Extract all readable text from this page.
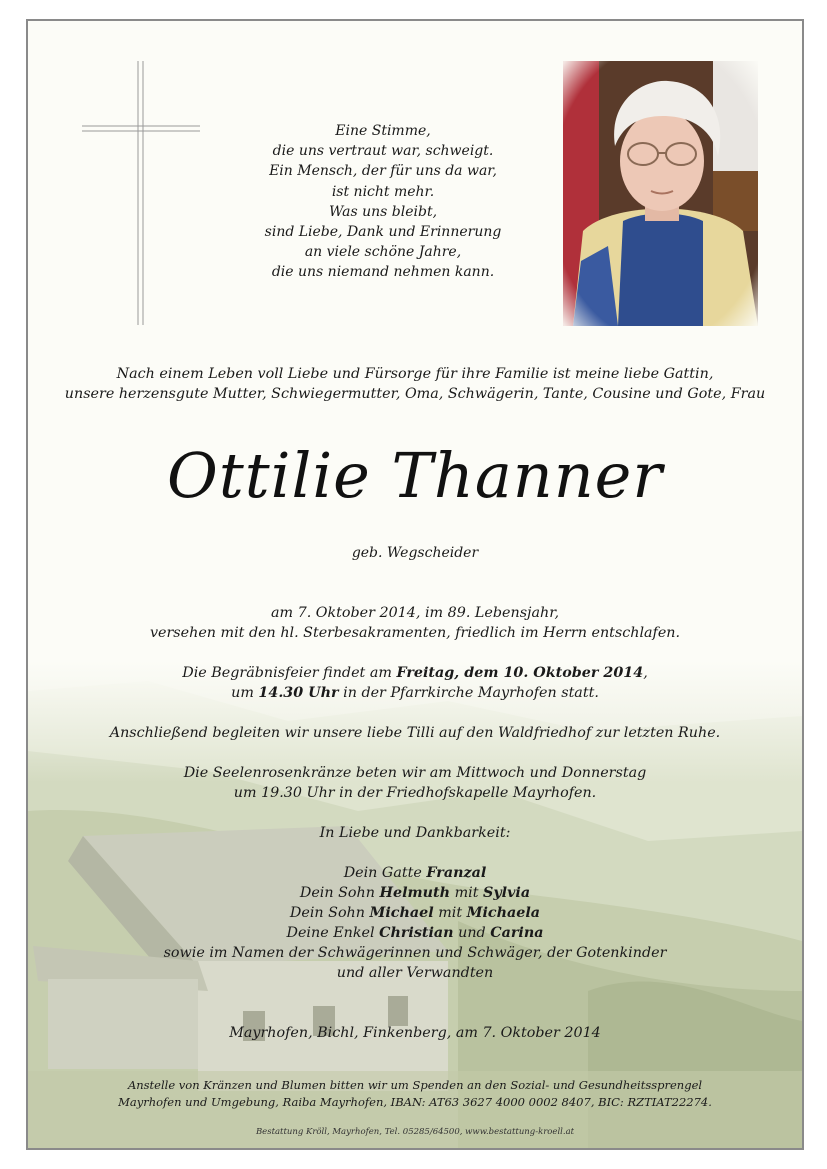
Eine Stimme,
die uns vertraut war, schweigt.
Ein Mensch, der für uns da war,
ist nicht mehr.
Was uns bleibt,
sind Liebe, Dank und Erinnerung
an viele schöne Jahre,
die uns niemand nehmen kann.
Nach einem Leben voll Liebe und Fürsorge für ihre Familie ist meine liebe Gattin,
unsere herzensgute Mutter, Schwiegermutter, Oma, Schwägerin, Tante, Cousine und Gote, Frau
Ottilie Thanner
geb. Wegscheider
am 7. Oktober 2014, im 89. Lebensjahr,
versehen mit den hl. Sterbesakramenten, friedlich im Herrn entschlafen.
Die Begräbnisfeier findet am Freitag, dem 10. Oktober 2014,
um 14.30 Uhr in der Pfarrkirche Mayrhofen statt.
Anschließend begleiten wir unsere liebe Tilli auf den Waldfriedhof zur letzten Ruhe.
Die Seelenrosenkränze beten wir am Mittwoch und Donnerstag
um 19.30 Uhr in der Friedhofskapelle Mayrhofen.
In Liebe und Dankbarkeit:
Dein Gatte Franzal
Dein Sohn Helmuth mit Sylvia
Dein Sohn Michael mit Michaela
Deine Enkel Christian und Carina
sowie im Namen der Schwägerinnen und Schwäger, der Gotenkinder
und aller Verwandten
Mayrhofen, Bichl, Finkenberg, am 7. Oktober 2014
Anstelle von Kränzen und Blumen bitten wir um Spenden an den Sozial- und Gesundheitssprengel
Mayrhofen und Umgebung, Raiba Mayrhofen, IBAN: AT63 3627 4000 0002 8407, BIC: RZTIAT22274.
Bestattung Kröll, Mayrhofen, Tel. 05285/64500, www.bestattung-kroell.at
